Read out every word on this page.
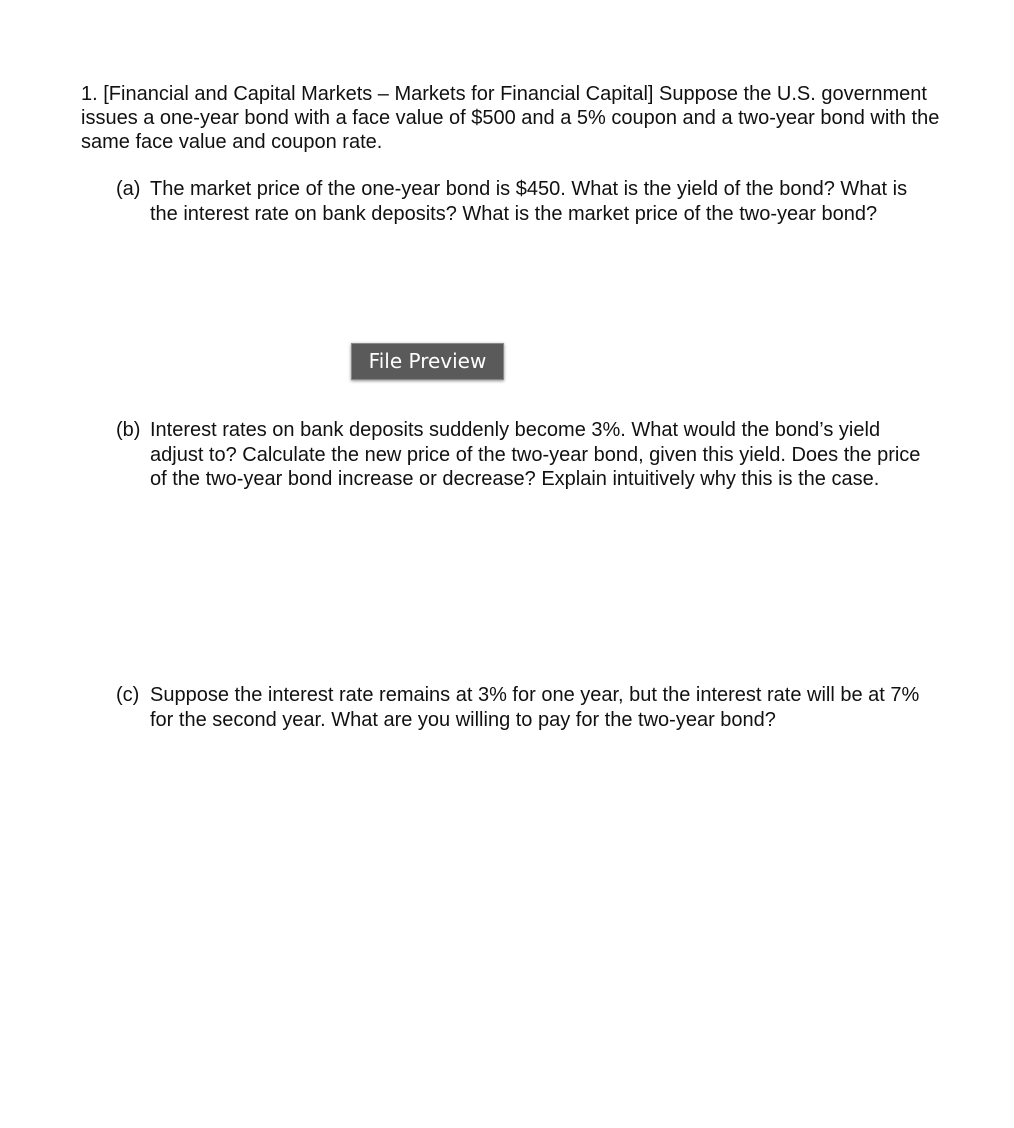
1. [Financial and Capital Markets – Markets for Financial Capital] Suppose the U.S. government issues a one-year bond with a face value of $500 and a 5% coupon and a two-year bond with the same face value and coupon rate.
(a) The market price of the one-year bond is $450. What is the yield of the bond? What is the interest rate on bank deposits? What is the market price of the two-year bond?
File Preview
(b) Interest rates on bank deposits suddenly become 3%. What would the bond’s yield adjust to? Calculate the new price of the two-year bond, given this yield. Does the price of the two-year bond increase or decrease? Explain intuitively why this is the case.
(c) Suppose the interest rate remains at 3% for one year, but the interest rate will be at 7% for the second year. What are you willing to pay for the two-year bond?
